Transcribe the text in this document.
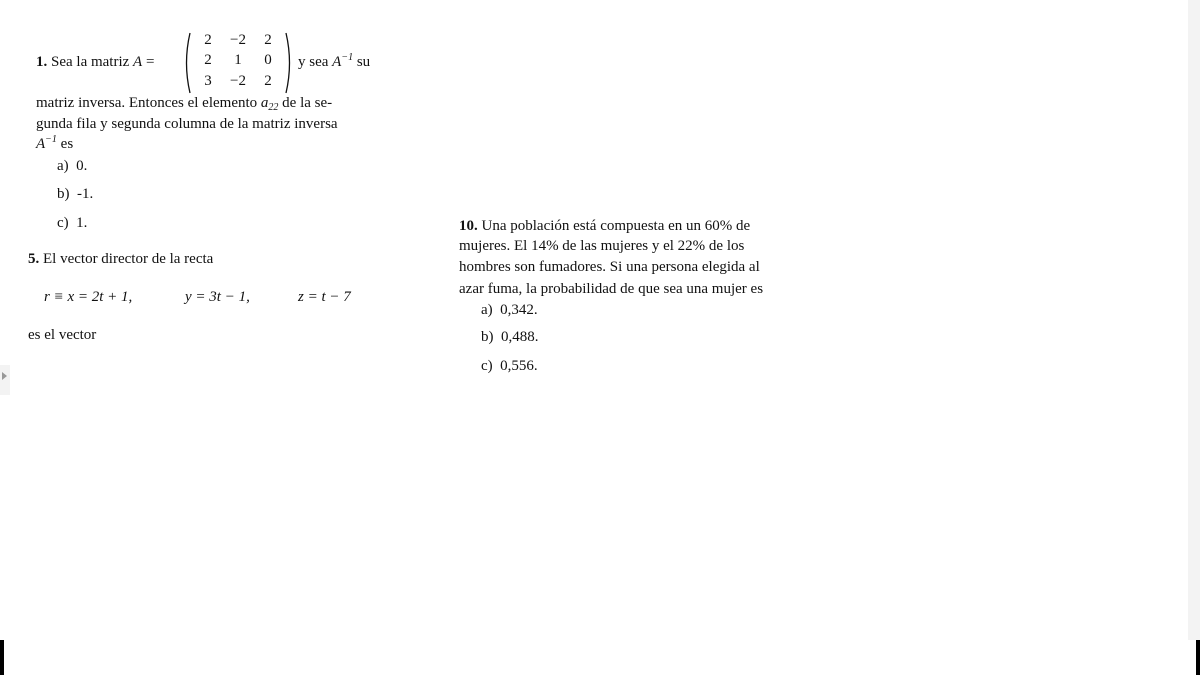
1. Sea la matriz A =
2	−2	2
2	1	0
3	−2	2
y sea $A^{-1}$ su
matriz inversa. Entonces el elemento $a_{22}$ de la se-
gunda fila y segunda columna de la matriz inversa
$A^{-1}$ es
a) 0.
b) -1.
c) 1.
5. El vector director de la recta
r ≡ x = 2t + 1,	y = 3t − 1,	z = t − 7
es el vector
10. Una población está compuesta en un 60% de
mujeres. El 14% de las mujeres y el 22% de los
hombres son fumadores. Si una persona elegida al
azar fuma, la probabilidad de que sea una mujer es
a) 0,342.
b) 0,488.
c) 0,556.
